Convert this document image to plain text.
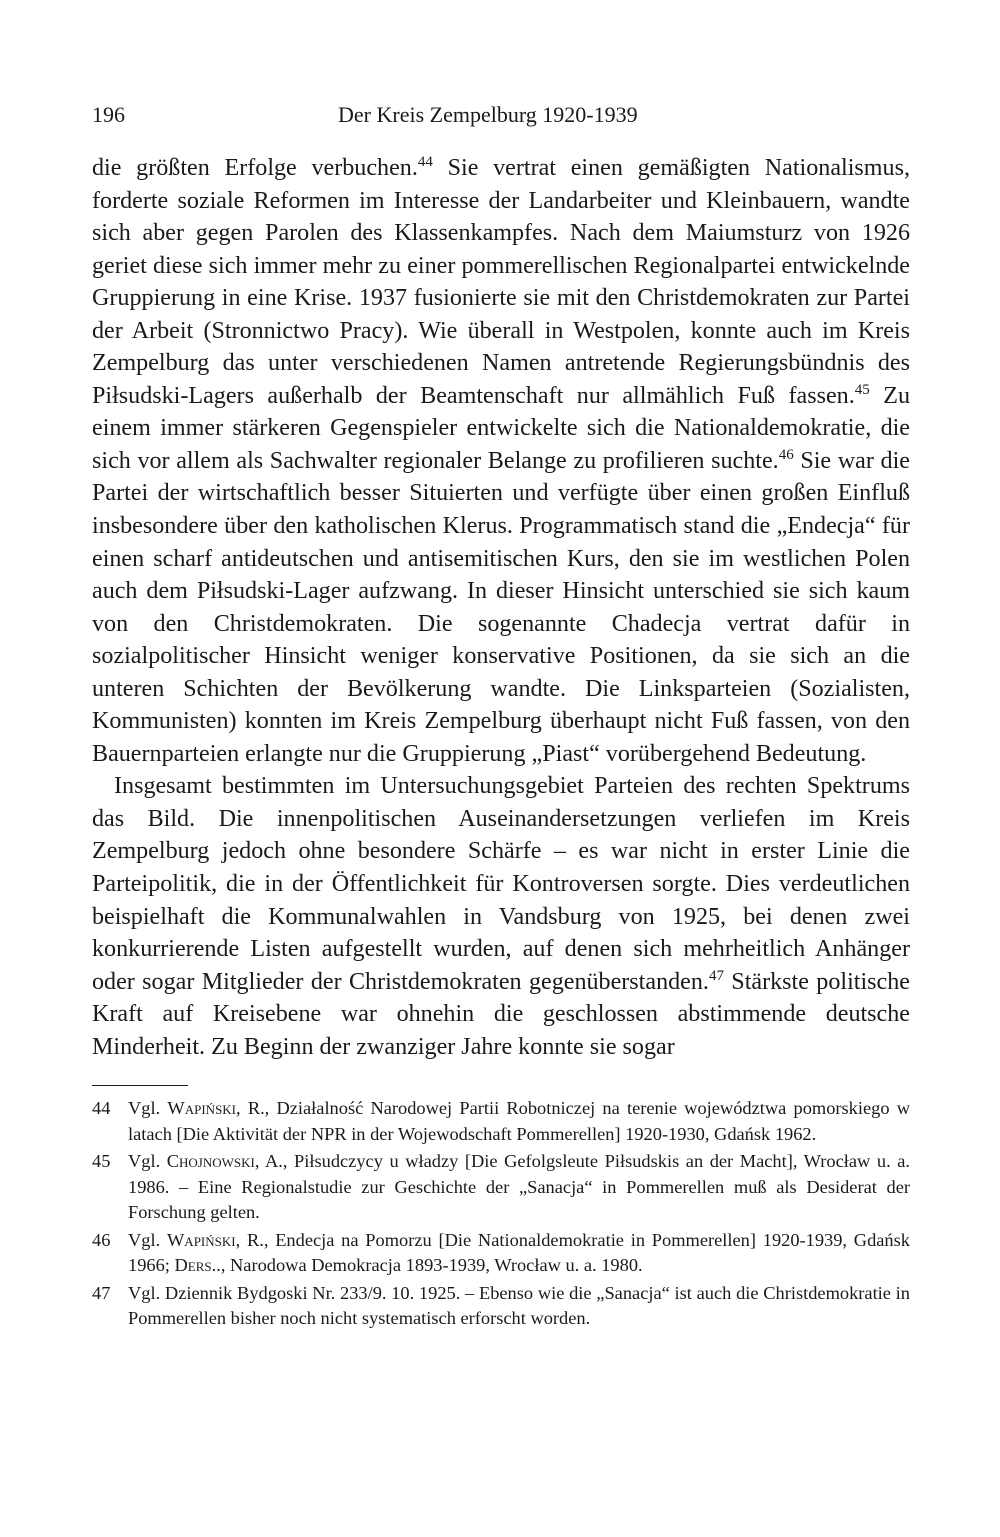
196	Der Kreis Zempelburg 1920-1939

die größten Erfolge verbuchen.$^{44}$ Sie vertrat einen gemäßigten Nationalismus, forderte soziale Reformen im Interesse der Landarbeiter und Kleinbauern, wandte sich aber gegen Parolen des Klassenkampfes. Nach dem Maiumsturz von 1926 geriet diese sich immer mehr zu einer pommerellischen Regionalpartei entwickelnde Gruppierung in eine Krise. 1937 fusionierte sie mit den Christdemokraten zur Partei der Arbeit (Stronnictwo Pracy). Wie überall in Westpolen, konnte auch im Kreis Zempelburg das unter verschiedenen Namen antretende Regierungsbündnis des Piłsudski-Lagers außerhalb der Beamtenschaft nur allmählich Fuß fassen.$^{45}$ Zu einem immer stärkeren Gegenspieler entwickelte sich die Nationaldemokratie, die sich vor allem als Sachwalter regionaler Belange zu profilieren suchte.$^{46}$ Sie war die Partei der wirtschaftlich besser Situierten und verfügte über einen großen Einfluß insbesondere über den katholischen Klerus. Programmatisch stand die „Endecja“ für einen scharf antideutschen und antisemitischen Kurs, den sie im westlichen Polen auch dem Piłsudski-Lager aufzwang. In dieser Hinsicht unterschied sie sich kaum von den Christdemokraten. Die sogenannte Chadecja vertrat dafür in sozialpolitischer Hinsicht weniger konservative Positionen, da sie sich an die unteren Schichten der Bevölkerung wandte. Die Linksparteien (Sozialisten, Kommunisten) konnten im Kreis Zempelburg überhaupt nicht Fuß fassen, von den Bauernparteien erlangte nur die Gruppierung „Piast“ vorübergehend Bedeutung.

Insgesamt bestimmten im Untersuchungsgebiet Parteien des rechten Spektrums das Bild. Die innenpolitischen Auseinandersetzungen verliefen im Kreis Zempelburg jedoch ohne besondere Schärfe – es war nicht in erster Linie die Parteipolitik, die in der Öffentlichkeit für Kontroversen sorgte. Dies verdeutlichen beispielhaft die Kommunalwahlen in Vandsburg von 1925, bei denen zwei konkurrierende Listen aufgestellt wurden, auf denen sich mehrheitlich Anhänger oder sogar Mitglieder der Christdemokraten gegenüberstanden.$^{47}$ Stärkste politische Kraft auf Kreisebene war ohnehin die geschlossen abstimmende deutsche Minderheit. Zu Beginn der zwanziger Jahre konnte sie sogar

44 Vgl. Wapiński, R., Działalność Narodowej Partii Robotniczej na terenie województwa pomorskiego w latach [Die Aktivität der NPR in der Wojewodschaft Pommerellen] 1920-1930, Gdańsk 1962.
45 Vgl. Chojnowski, A., Piłsudczycy u władzy [Die Gefolgsleute Piłsudskis an der Macht], Wrocław u. a. 1986. – Eine Regionalstudie zur Geschichte der „Sanacja“ in Pommerellen muß als Desiderat der Forschung gelten.
46 Vgl. Wapiński, R., Endecja na Pomorzu [Die Nationaldemokratie in Pommerellen] 1920-1939, Gdańsk 1966; Ders.., Narodowa Demokracja 1893-1939, Wrocław u. a. 1980.
47 Vgl. Dziennik Bydgoski Nr. 233/9. 10. 1925. – Ebenso wie die „Sanacja“ ist auch die Christdemokratie in Pommerellen bisher noch nicht systematisch erforscht worden.
